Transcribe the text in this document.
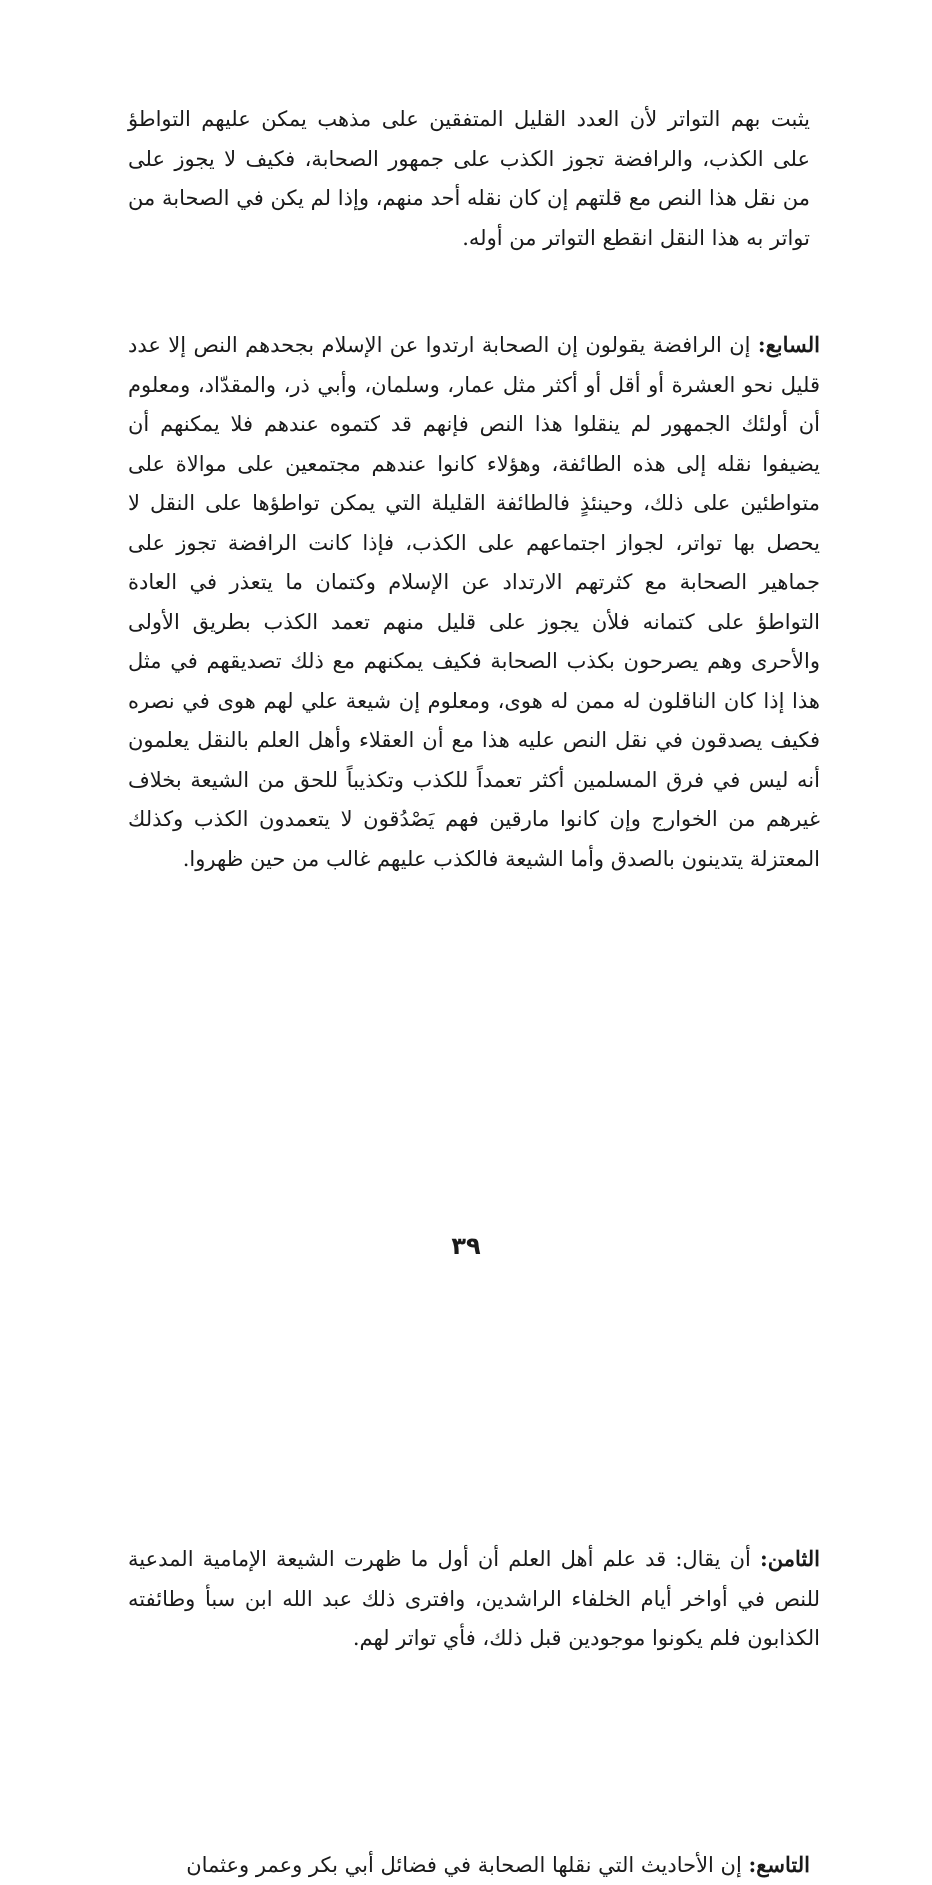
يثبت بهم التواتر لأن العدد القليل المتفقين على مذهب يمكن عليهم التواطؤ على الكذب، والرافضة تجوز الكذب على جمهور الصحابة، فكيف لا يجوز على من نقل هذا النص مع قلتهم إن كان نقله أحد منهم، وإذا لم يكن في الصحابة من تواتر به هذا النقل انقطع التواتر من أوله.
السابع: إن الرافضة يقولون إن الصحابة ارتدوا عن الإسلام بجحدهم النص إلا عدد قليل نحو العشرة أو أقل أو أكثر مثل عمار، وسلمان، وأبي ذر، والمقدّاد، ومعلوم أن أولئك الجمهور لم ينقلوا هذا النص فإنهم قد كتموه عندهم فلا يمكنهم أن يضيفوا نقله إلى هذه الطائفة، وهؤلاء كانوا عندهم مجتمعين على موالاة على متواطئين على ذلك، وحينئذٍ فالطائفة القليلة التي يمكن تواطؤها على النقل لا يحصل بها تواتر، لجواز اجتماعهم على الكذب، فإذا كانت الرافضة تجوز على جماهير الصحابة مع كثرتهم الارتداد عن الإسلام وكتمان ما يتعذر في العادة التواطؤ على كتمانه فلأن يجوز على قليل منهم تعمد الكذب بطريق الأولى والأحرى وهم يصرحون بكذب الصحابة فكيف يمكنهم مع ذلك تصديقهم في مثل هذا إذا كان الناقلون له ممن له هوى، ومعلوم إن شيعة علي لهم هوى في نصره فكيف يصدقون في نقل النص عليه هذا مع أن العقلاء وأهل العلم بالنقل يعلمون أنه ليس في فرق المسلمين أكثر تعمداً للكذب وتكذيباً للحق من الشيعة بخلاف غيرهم من الخوارج وإن كانوا مارقين فهم يَصْدُقون لا يتعمدون الكذب وكذلك المعتزلة يتدينون بالصدق وأما الشيعة فالكذب عليهم غالب من حين ظهروا.
الثامن: أن يقال: قد علم أهل العلم أن أول ما ظهرت الشيعة الإمامية المدعية للنص في أواخر أيام الخلفاء الراشدين، وافترى ذلك عبد الله ابن سبأ وطائفته الكذابون فلم يكونوا موجودين قبل ذلك، فأي تواتر لهم.
التاسع: إن الأحاديث التي نقلها الصحابة في فضائل أبي بكر وعمر وعثمان
٣٩
